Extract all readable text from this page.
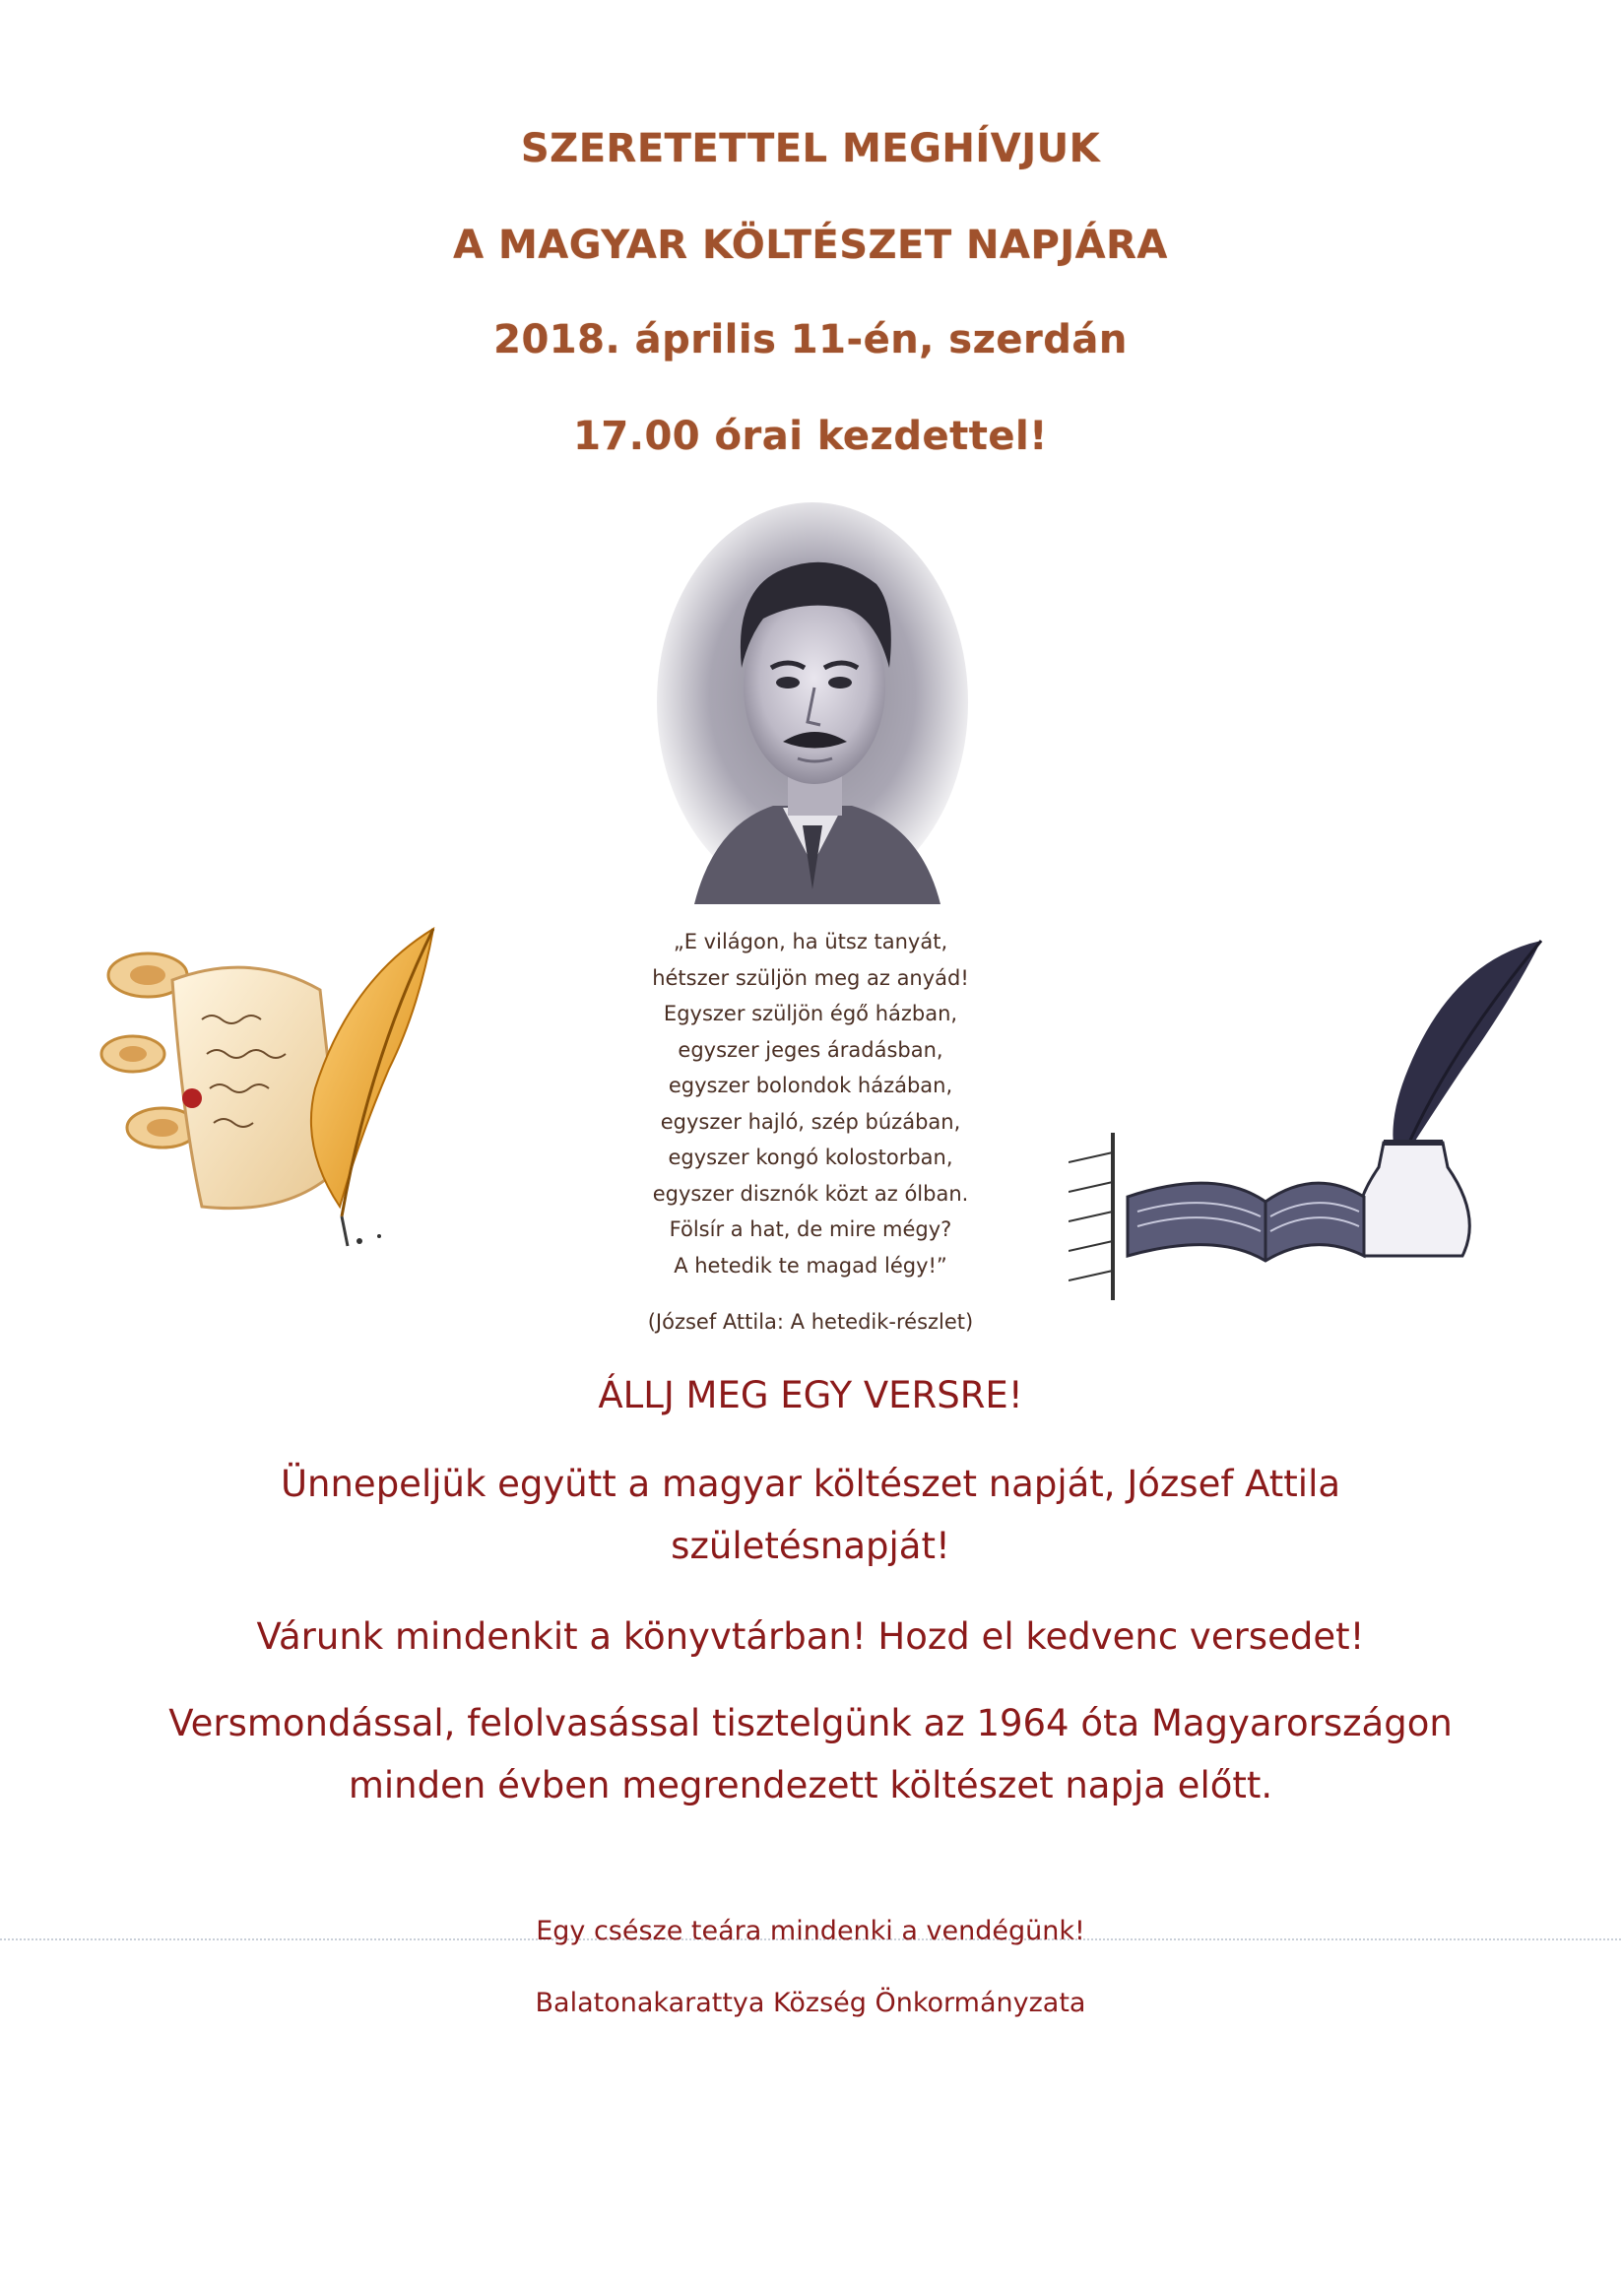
SZERETETTEL MEGHÍVJUK
A MAGYAR KÖLTÉSZET NAPJÁRA
2018. április 11-én, szerdán
17.00 órai kezdettel!
„E világon, ha ütsz tanyát,
hétszer szüljön meg az anyád!
Egyszer szüljön égő házban,
egyszer jeges áradásban,
egyszer bolondok házában,
egyszer hajló, szép búzában,
egyszer kongó kolostorban,
egyszer disznók közt az ólban.
Fölsír a hat, de mire mégy?
A hetedik te magad légy!”
(József Attila: A hetedik-részlet)
ÁLLJ MEG EGY VERSRE!
Ünnepeljük együtt a magyar költészet napját, József Attila születésnapját!
Várunk mindenkit a könyvtárban! Hozd el kedvenc versedet!
Versmondással, felolvasással tisztelgünk az 1964 óta Magyarországon minden évben megrendezett költészet napja előtt.
Egy csésze teára mindenki a vendégünk!
Balatonakarattya Község Önkormányzata
